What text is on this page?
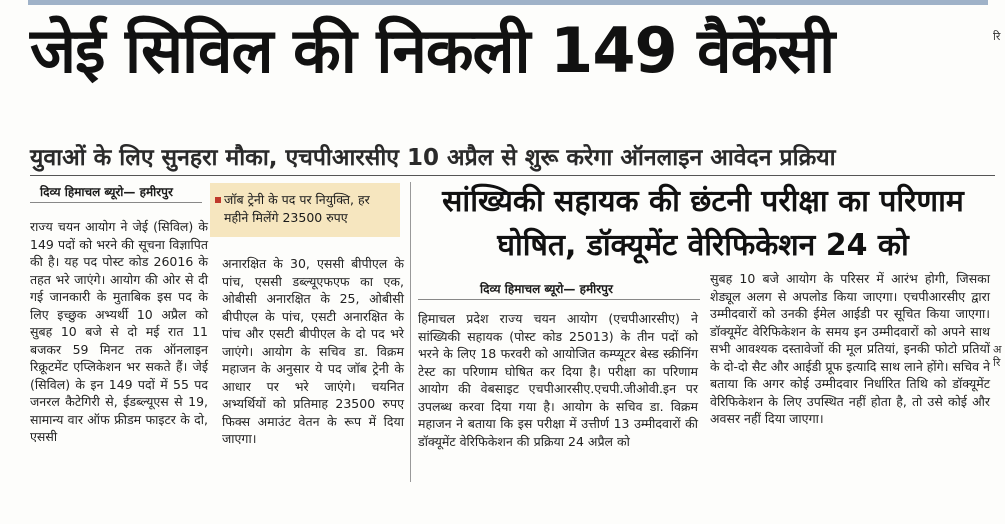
जेई सिविल की निकली 149 वैकेंसी
युवाओं के लिए सुनहरा मौका, एचपीआरसीए 10 अप्रैल से शुरू करेगा ऑनलाइन आवेदन प्रक्रिया
दिव्य हिमाचल ब्यूरो— हमीरपुर

राज्य चयन आयोग ने जेई (सिविल) के 149 पदों को भरने की सूचना विज्ञापित की है। यह पद पोस्ट कोड 26016 के तहत भरे जाएंगे। आयोग की ओर से दी गई जानकारी के मुताबिक इस पद के लिए इच्छुक अभ्यर्थी 10 अप्रैल को सुबह 10 बजे से दो मई रात 11 बजकर 59 मिनट तक ऑनलाइन रिक्रूटमेंट एप्लिकेशन भर सकते हैं। जेई (सिविल) के इन 149 पदों में 55 पद जनरल कैटेगिरी से, ईडब्ल्यूएस से 19, सामान्य वार ऑफ फ्रीडम फाइटर के दो, एससी

जॉब ट्रेनी के पद पर नियुक्ति, हर महीने मिलेंगे 23500 रुपए

अनारक्षित के 30, एससी बीपीएल के पांच, एससी डब्ल्यूएफएफ का एक, ओबीसी अनारक्षित के 25, ओबीसी बीपीएल के पांच, एसटी अनारक्षित के पांच और एसटी बीपीएल के दो पद भरे जाएंगे। आयोग के सचिव डा. विक्रम महाजन के अनुसार ये पद जॉब ट्रेनी के आधार पर भरे जाएंगे। चयनित अभ्यर्थियों को प्रतिमाह 23500 रुपए फिक्स अमाउंट वेतन के रूप में दिया जाएगा।

सांख्यिकी सहायक की छंटनी परीक्षा का परिणाम घोषित, डॉक्यूमेंट वेरिफिकेशन 24 को
दिव्य हिमाचल ब्यूरो— हमीरपुर

हिमाचल प्रदेश राज्य चयन आयोग (एचपीआरसीए) ने सांख्यिकी सहायक (पोस्ट कोड 25013) के तीन पदों को भरने के लिए 18 फरवरी को आयोजित कम्प्यूटर बेस्ड स्क्रीनिंग टेस्ट का परिणाम घोषित कर दिया है। परीक्षा का परिणाम आयोग की वेबसाइट एचपीआरसीए.एचपी.जीओवी.इन पर उपलब्ध करवा दिया गया है। आयोग के सचिव डा. विक्रम महाजन ने बताया कि इस परीक्षा में उत्तीर्ण 13 उम्मीदवारों की डॉक्यूमेंट वेरिफिकेशन की प्रक्रिया 24 अप्रैल को

सुबह 10 बजे आयोग के परिसर में आरंभ होगी, जिसका शेड्यूल अलग से अपलोड किया जाएगा। एचपीआरसीए द्वारा उम्मीदवारों को उनकी ईमेल आईडी पर सूचित किया जाएगा। डॉक्यूमेंट वेरिफिकेशन के समय इन उम्मीदवारों को अपने साथ सभी आवश्यक दस्तावेजों की मूल प्रतियां, इनकी फोटो प्रतियों के दो-दो सैट और आईडी प्रूफ इत्यादि साथ लाने होंगे। सचिव ने बताया कि अगर कोई उम्मीदवार निर्धारित तिथि को डॉक्यूमेंट वेरिफिकेशन के लिए उपस्थित नहीं होता है, तो उसे कोई और अवसर नहीं दिया जाएगा।

रि
अ
रि
